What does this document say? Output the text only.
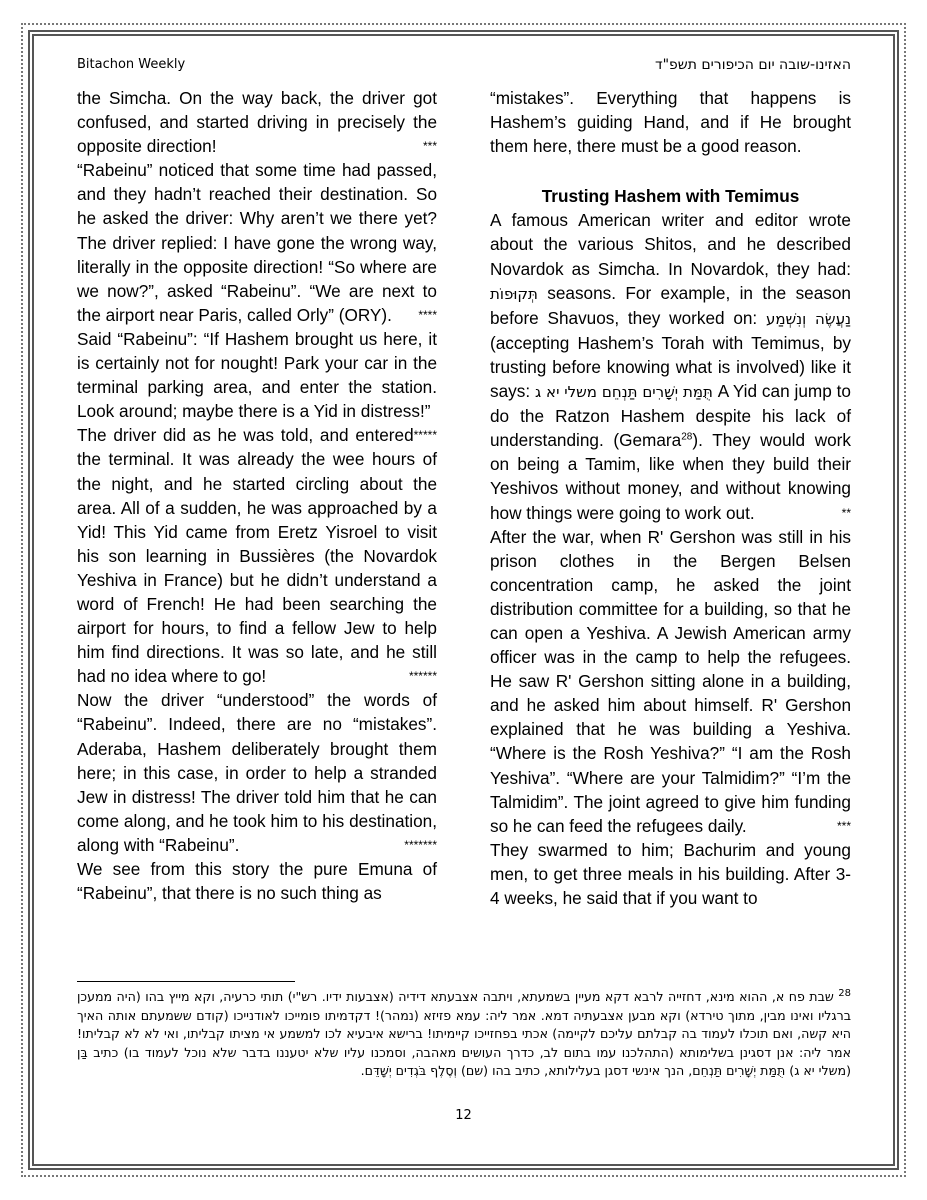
Bitachon Weekly	האזינו-שובה יום הכיפורים תשפ"ד

the Simcha. On the way back, the driver got confused, and started driving in precisely the opposite direction!	***

“Rabeinu” noticed that some time had passed, and they hadn’t reached their destination. So he asked the driver: Why aren’t we there yet? The driver replied: I have gone the wrong way, literally in the opposite direction! “So where are we now?”, asked “Rabeinu”. “We are next to the airport near Paris, called Orly” (ORY). ****

Said “Rabeinu”: “If Hashem brought us here, it is certainly not for nought! Park your car in the terminal parking area, and enter the station. Look around; maybe there is a Yid in distress!”
*****

The driver did as he was told, and entered the terminal. It was already the wee hours of the night, and he started circling about the area. All of a sudden, he was approached by a Yid! This Yid came from Eretz Yisroel to visit his son learning in Bussières (the Novardok Yeshiva in France) but he didn’t understand a word of French! He had been searching the airport for hours, to find a fellow Jew to help him find directions. It was so late, and he still had no idea where to go!	******

Now the driver “understood” the words of “Rabeinu”. Indeed, there are no “mistakes”. Aderaba, Hashem deliberately brought them here; in this case, in order to help a stranded Jew in distress! The driver told him that he can come along, and he took him to his destination, along with “Rabeinu”.	*******

We see from this story the pure Emuna of “Rabeinu”, that there is no such thing as

“mistakes”. Everything that happens is Hashem’s guiding Hand, and if He brought them here, there must be a good reason.

Trusting Hashem with Temimus

A famous American writer and editor wrote about the various Shitos, and he described Novardok as Simcha. In Novardok, they had: תְּקוּפוֹת seasons. For example, in the season before Shavuos, they worked on: נַעֲשֶׂה וְנִשְׁמַע (accepting Hashem’s Torah with Temimus, by trusting before knowing what is involved) like it says: תֻּמַּת יְשָׁרִים תַּנְחֵם משלי יא ג A Yid can jump to do the Ratzon Hashem despite his lack of understanding. (Gemara$^{28}$). They would work on being a Tamim, like when they build their Yeshivos without money, and without knowing how things were going to work out.	**

After the war, when R' Gershon was still in his prison clothes in the Bergen Belsen concentration camp, he asked the joint distribution committee for a building, so that he can open a Yeshiva. A Jewish American army officer was in the camp to help the refugees. He saw R' Gershon sitting alone in a building, and he asked him about himself. R' Gershon explained that he was building a Yeshiva. “Where is the Rosh Yeshiva?” “I am the Rosh Yeshiva”. “Where are your Talmidim?” “I’m the Talmidim”. The joint agreed to give him funding so he can feed the refugees daily.	***

They swarmed to him; Bachurim and young men, to get three meals in his building. After 3-4 weeks, he said that if you want to

$^{28}$ שבת פח א, ההוא מינא, דחזייה לרבא דקא מעיין בשמעתא, ויתבה אצבעתא דידיה (אצבעות ידיו. רש"י) תותי כרעיה, וקא מייץ בהו (היה ממעכן ברגליו ואינו מבין, מתוך טירדא) וקא מבען אצבעתיה דמא. אמר ליה: עמא פזיזא (נמהר)! דקדמיתו פומייכו לאודנייכו (קודם ששמעתם אותה האיך היא קשה, ואם תוכלו לעמוד בה קבלתם עליכם לקיימה) אכתי בפחזייכו קיימיתו! ברישא איבעיא לכו למשמע אי מציתו קבליתו, ואי לא לא קבליתו! אמר ליה: אנן דסגינן בשלימותא (התהלכנו עמו בתום לב, כדרך העושים מאהבה, וסמכנו עליו שלא יטעננו בדבר שלא נוכל לעמוד בו) כתיב בַּן (משלי יא ג) תֻּמַּת יְשָׁרִים תַּנְחֵם, הנך אינשי דסגן בעלילותא, כתיב בהו (שם) וְסֶלֶף בֹּגְדִים יְשָׁדֵּם.
12
